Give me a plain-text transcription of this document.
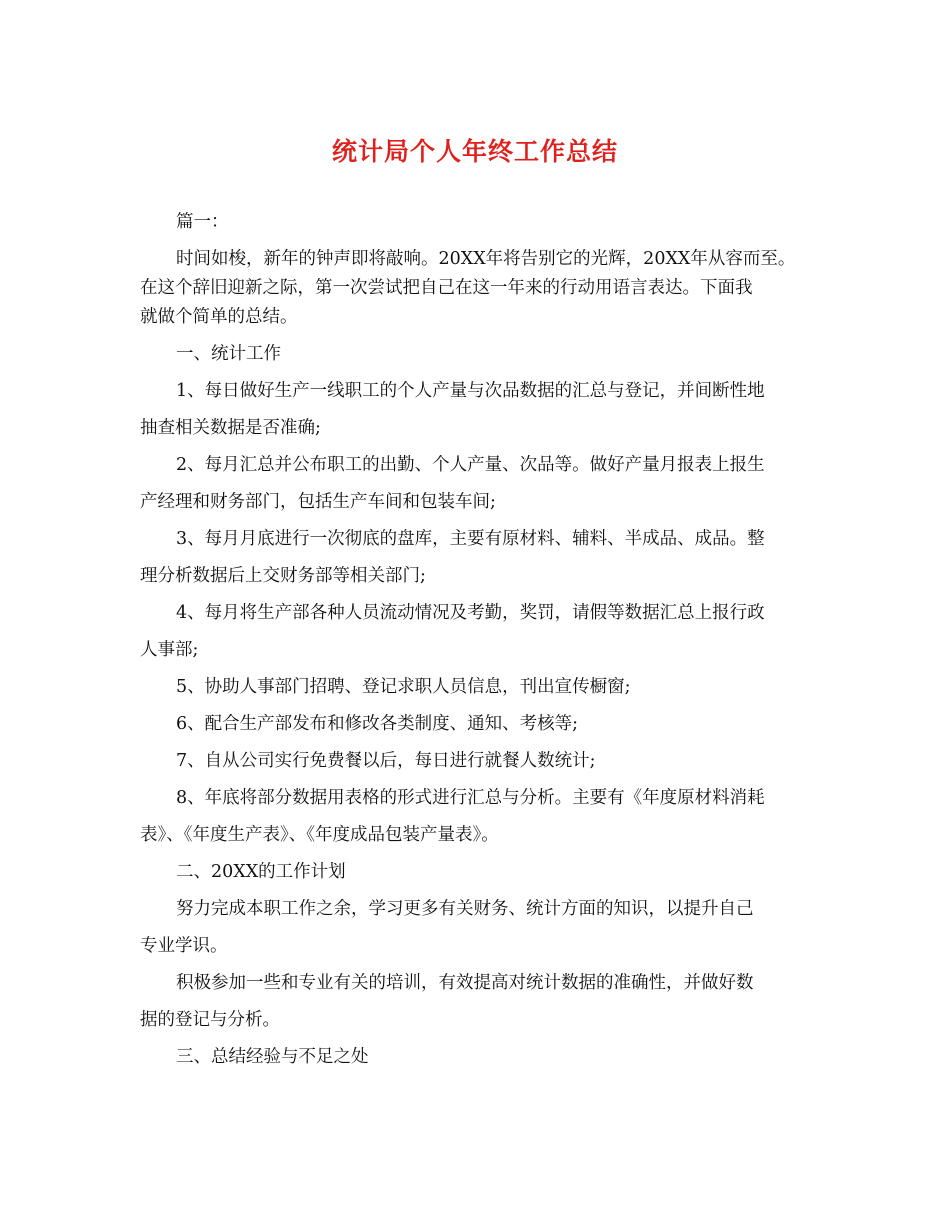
统计局个人年终工作总结

篇一：

时间如梭，新年的钟声即将敲响。20XX年将告别它的光辉，20XX年从容而至。

在这个辞旧迎新之际，第一次尝试把自己在这一年来的行动用语言表达。下面我

就做个简单的总结。

一、统计工作

1、每日做好生产一线职工的个人产量与次品数据的汇总与登记，并间断性地

抽查相关数据是否准确;

2、每月汇总并公布职工的出勤、个人产量、次品等。做好产量月报表上报生

产经理和财务部门，包括生产车间和包装车间;

3、每月月底进行一次彻底的盘库，主要有原材料、辅料、半成品、成品。整

理分析数据后上交财务部等相关部门;

4、每月将生产部各种人员流动情况及考勤，奖罚，请假等数据汇总上报行政

人事部;

5、协助人事部门招聘、登记求职人员信息，刊出宣传橱窗;

6、配合生产部发布和修改各类制度、通知、考核等;

7、自从公司实行免费餐以后，每日进行就餐人数统计;

8、年底将部分数据用表格的形式进行汇总与分析。主要有《年度原材料消耗

表》、《年度生产表》、《年度成品包装产量表》。

二、20XX的工作计划

努力完成本职工作之余，学习更多有关财务、统计方面的知识，以提升自己

专业学识。

积极参加一些和专业有关的培训，有效提高对统计数据的准确性，并做好数

据的登记与分析。

三、总结经验与不足之处
